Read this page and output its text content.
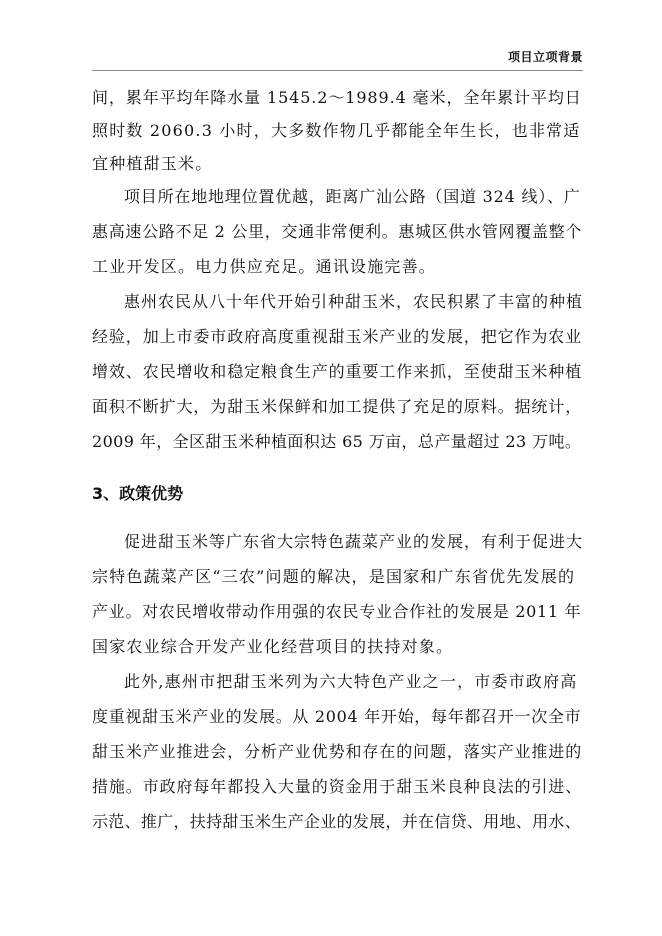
项目立项背景
间，累年平均年降水量 1545.2～1989.4 毫米，全年累计平均日
照时数 2060.3 小时，大多数作物几乎都能全年生长，也非常适
宜种植甜玉米。
项目所在地地理位置优越，距离广汕公路（国道 324 线）、广
惠高速公路不足 2 公里，交通非常便利。惠城区供水管网覆盖整个
工业开发区。电力供应充足。通讯设施完善。
惠州农民从八十年代开始引种甜玉米，农民积累了丰富的种植
经验，加上市委市政府高度重视甜玉米产业的发展，把它作为农业
增效、农民增收和稳定粮食生产的重要工作来抓，至使甜玉米种植
面积不断扩大，为甜玉米保鲜和加工提供了充足的原料。据统计，
2009 年，全区甜玉米种植面积达 65 万亩，总产量超过 23 万吨。
3、政策优势
促进甜玉米等广东省大宗特色蔬菜产业的发展，有利于促进大
宗特色蔬菜产区“三农”问题的解决，是国家和广东省优先发展的
产业。对农民增收带动作用强的农民专业合作社的发展是 2011 年
国家农业综合开发产业化经营项目的扶持对象。
此外,惠州市把甜玉米列为六大特色产业之一，市委市政府高
度重视甜玉米产业的发展。从 2004 年开始，每年都召开一次全市
甜玉米产业推进会，分析产业优势和存在的问题，落实产业推进的
措施。市政府每年都投入大量的资金用于甜玉米良种良法的引进、
示范、推广，扶持甜玉米生产企业的发展，并在信贷、用地、用水、
